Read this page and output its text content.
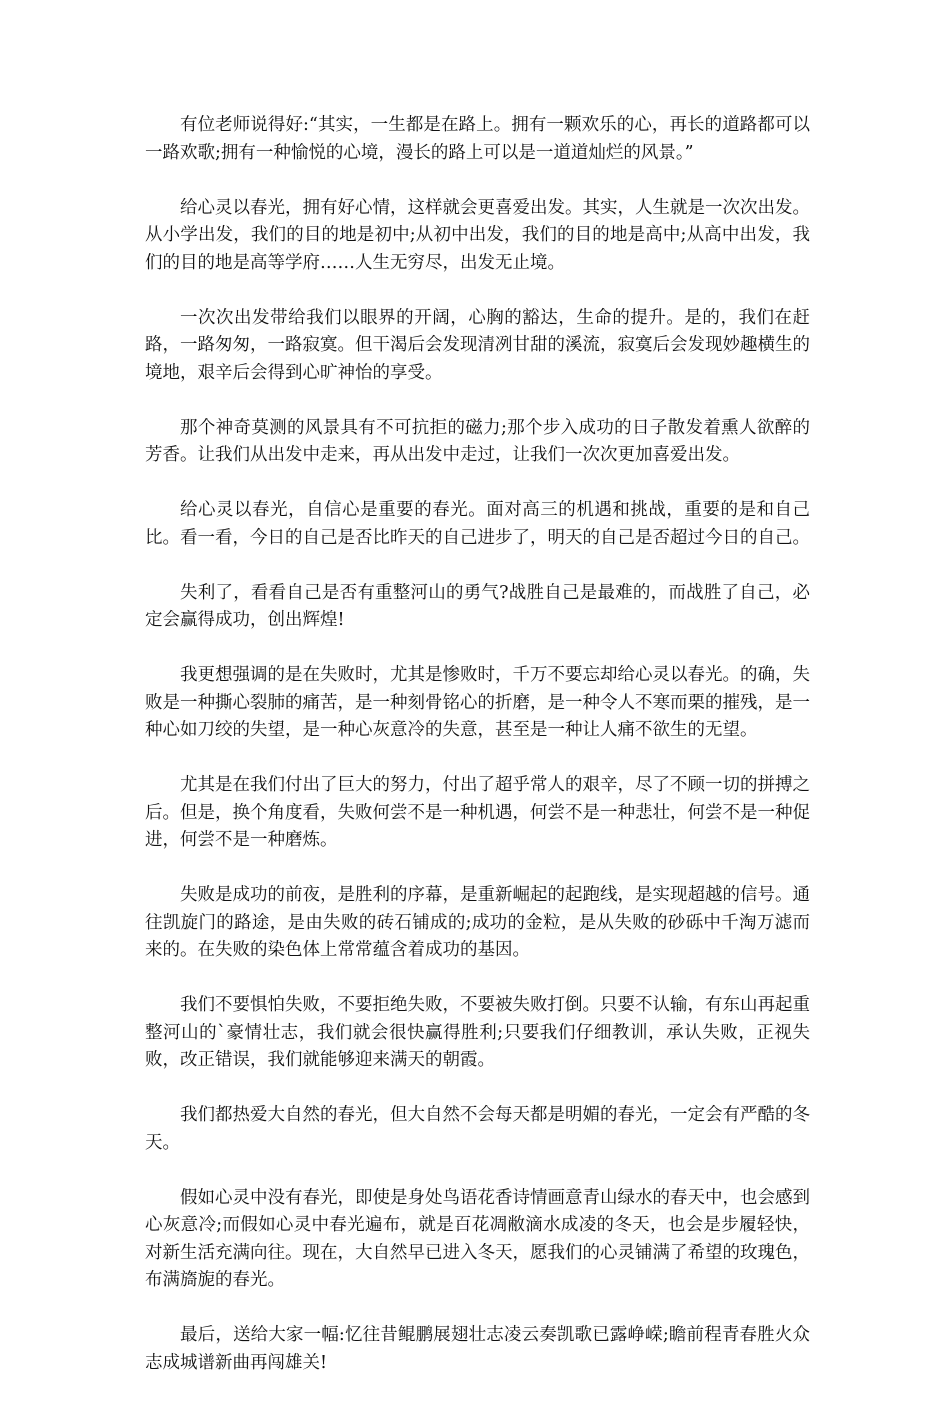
有位老师说得好:“其实，一生都是在路上。拥有一颗欢乐的心，再长的道路都可以一路欢歌;拥有一种愉悦的心境，漫长的路上可以是一道道灿烂的风景。”

给心灵以春光，拥有好心情，这样就会更喜爱出发。其实，人生就是一次次出发。从小学出发，我们的目的地是初中;从初中出发，我们的目的地是高中;从高中出发，我们的目的地是高等学府……人生无穷尽，出发无止境。

一次次出发带给我们以眼界的开阔，心胸的豁达，生命的提升。是的，我们在赶路，一路匆匆，一路寂寞。但干渴后会发现清冽甘甜的溪流，寂寞后会发现妙趣横生的境地，艰辛后会得到心旷神怡的享受。

那个神奇莫测的风景具有不可抗拒的磁力;那个步入成功的日子散发着熏人欲醉的芳香。让我们从出发中走来，再从出发中走过，让我们一次次更加喜爱出发。

给心灵以春光，自信心是重要的春光。面对高三的机遇和挑战，重要的是和自己比。看一看，今日的自己是否比昨天的自己进步了，明天的自己是否超过今日的自己。

失利了，看看自己是否有重整河山的勇气?战胜自己是最难的，而战胜了自己，必定会赢得成功，创出辉煌!

我更想强调的是在失败时，尤其是惨败时，千万不要忘却给心灵以春光。的确，失败是一种撕心裂肺的痛苦，是一种刻骨铭心的折磨，是一种令人不寒而栗的摧残，是一种心如刀绞的失望，是一种心灰意冷的失意，甚至是一种让人痛不欲生的无望。

尤其是在我们付出了巨大的努力，付出了超乎常人的艰辛，尽了不顾一切的拼搏之后。但是，换个角度看，失败何尝不是一种机遇，何尝不是一种悲壮，何尝不是一种促进，何尝不是一种磨炼。

失败是成功的前夜，是胜利的序幕，是重新崛起的起跑线，是实现超越的信号。通往凯旋门的路途，是由失败的砖石铺成的;成功的金粒，是从失败的砂砾中千淘万滤而来的。在失败的染色体上常常蕴含着成功的基因。

我们不要惧怕失败，不要拒绝失败，不要被失败打倒。只要不认输，有东山再起重整河山的`豪情壮志，我们就会很快赢得胜利;只要我们仔细教训，承认失败，正视失败，改正错误，我们就能够迎来满天的朝霞。

我们都热爱大自然的春光，但大自然不会每天都是明媚的春光，一定会有严酷的冬天。

假如心灵中没有春光，即使是身处鸟语花香诗情画意青山绿水的春天中，也会感到心灰意冷;而假如心灵中春光遍布，就是百花凋敝滴水成凌的冬天，也会是步履轻快，对新生活充满向往。现在，大自然早已进入冬天，愿我们的心灵铺满了希望的玫瑰色，布满旖旎的春光。

最后，送给大家一幅:忆往昔鲲鹏展翅壮志凌云奏凯歌已露峥嵘;瞻前程青春胜火众志成城谱新曲再闯雄关!
